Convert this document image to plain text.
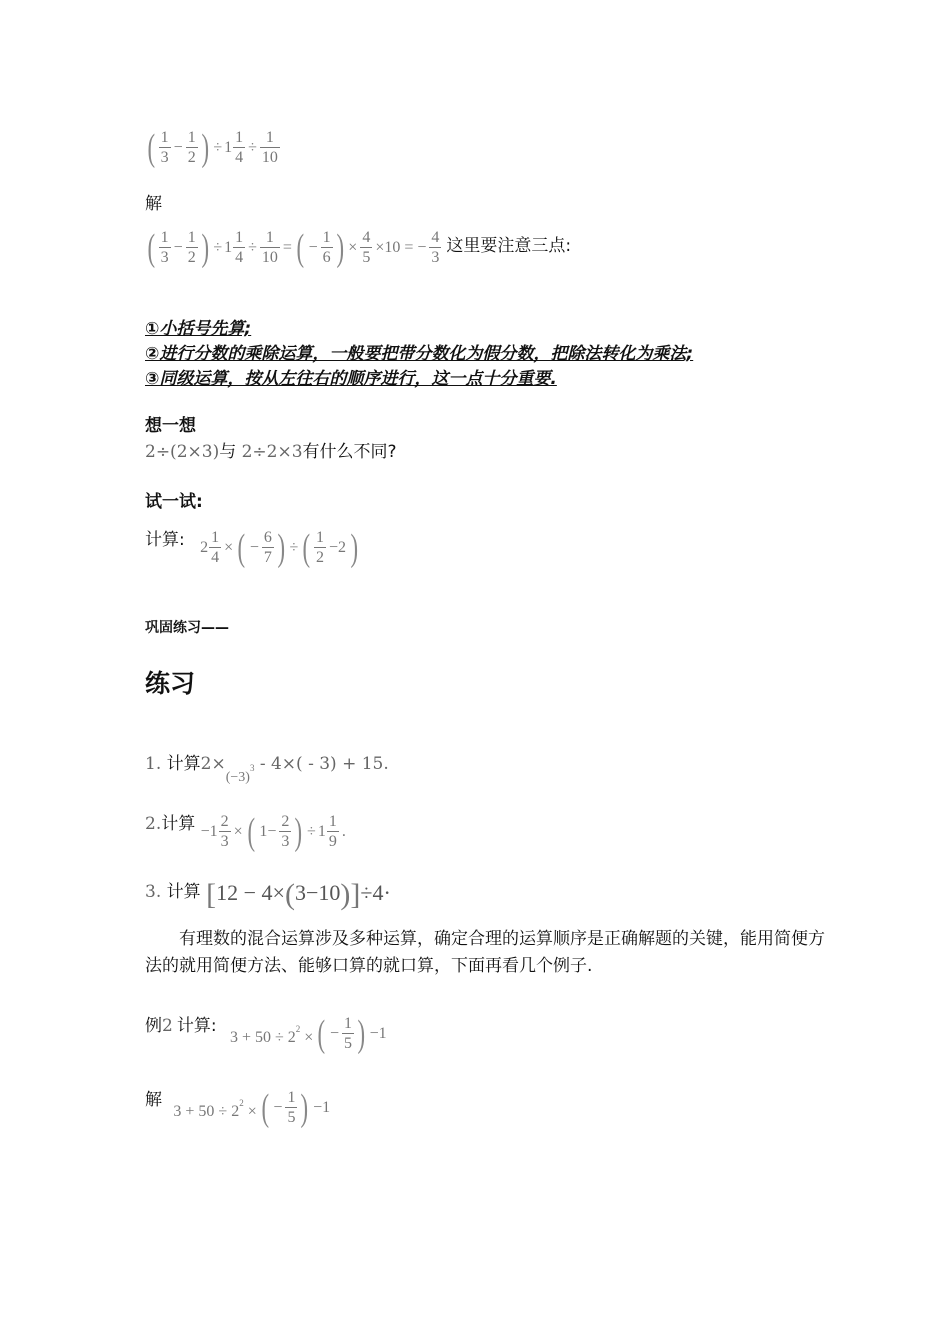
( $\frac{1}{3} - \frac{1}{2}$ ) ÷ $1 \frac{1}{4} \div \frac{1}{10}$
解
( $\frac{1}{3} - \frac{1}{2}$ ) ÷ $1 \frac{1}{4} \div \frac{1}{10}$ = ( − $\frac{1}{6}$ ) × $\frac{4}{5} \times 10$ = − $\frac{4}{3}$ 这里要注意三点:
①小括号先算;
②进行分数的乘除运算，一般要把带分数化为假分数，把除法转化为乘法;
③同级运算，按从左往右的顺序进行，这一点十分重要.
想一想
2÷(2×3)与 2÷2×3有什么不同?
试一试:
计算: $2 \frac{1}{4}$ × ( − $\frac{6}{7}$ ) ÷ ( $\frac{1}{2} -2$ )
巩固练习——
练习
1. 计算$2\times_{(-3)^3} - 4\times( - 3) + 15$.
2.计算 $-1 \frac{2}{3}$ × ( $1- \frac{2}{3}$ ) ÷ $1 \frac{1}{9}$ .
3. 计算 [12 − 4×(3−10)]÷4·
有理数的混合运算涉及多种运算，确定合理的运算顺序是正确解题的关键，能用简便方法的就用简便方法、能够口算的就口算，下面再看几个例子.
例2 计算: $3 + 50 \div 2^2$ × ( − $\frac{1}{5}$ ) −1
解 $3 + 50 \div 2^2$ × ( − $\frac{1}{5}$ ) −1
